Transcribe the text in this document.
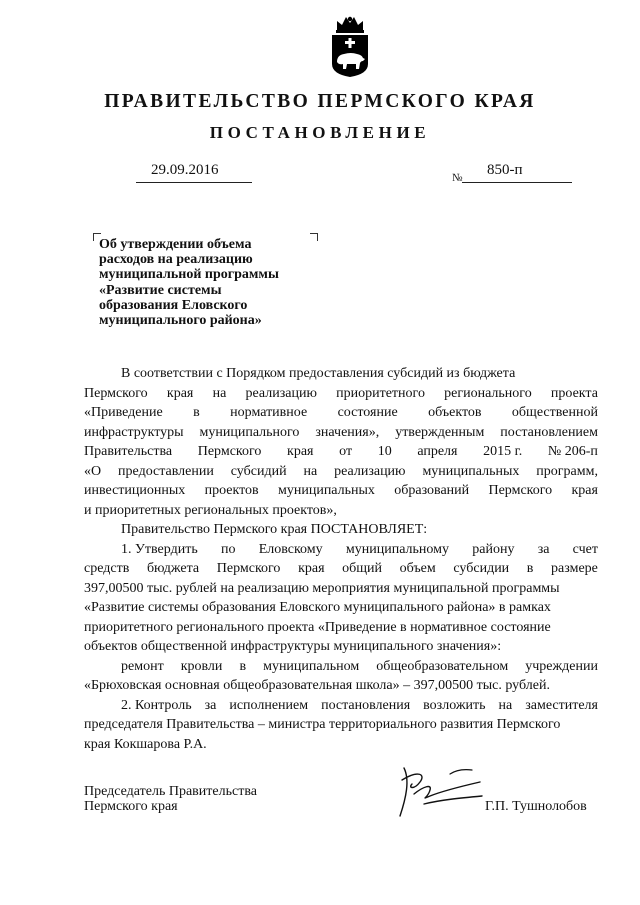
ПРАВИТЕЛЬСТВО ПЕРМСКОГО КРАЯ
ПОСТАНОВЛЕНИЕ
29.09.2016	№ 850-п
Об утверждении объема
расходов на реализацию
муниципальной программы
«Развитие системы
образования Еловского
муниципального района»
В соответствии с Порядком предоставления субсидий из бюджета
Пермского края на реализацию приоритетного регионального проекта
«Приведение в нормативное состояние объектов общественной
инфраструктуры муниципального значения», утвержденным постановлением
Правительства Пермского края от 10 апреля 2015 г. № 206-п
«О предоставлении субсидий на реализацию муниципальных программ,
инвестиционных проектов муниципальных образований Пермского края
и приоритетных региональных проектов»,
Правительство Пермского края ПОСТАНОВЛЯЕТ:
1. Утвердить по Еловскому муниципальному району за счет
средств бюджета Пермского края общий объем субсидии в размере
397,00500 тыс. рублей на реализацию мероприятия муниципальной программы
«Развитие системы образования Еловского муниципального района» в рамках
приоритетного регионального проекта «Приведение в нормативное состояние
объектов общественной инфраструктуры муниципального значения»:
ремонт кровли в муниципальном общеобразовательном учреждении
«Брюховская основная общеобразовательная школа» – 397,00500 тыс. рублей.
2. Контроль за исполнением постановления возложить на заместителя
председателя Правительства – министра территориального развития Пермского
края Кокшарова Р.А.
Председатель Правительства
Пермского края	Г.П. Тушнолобов
